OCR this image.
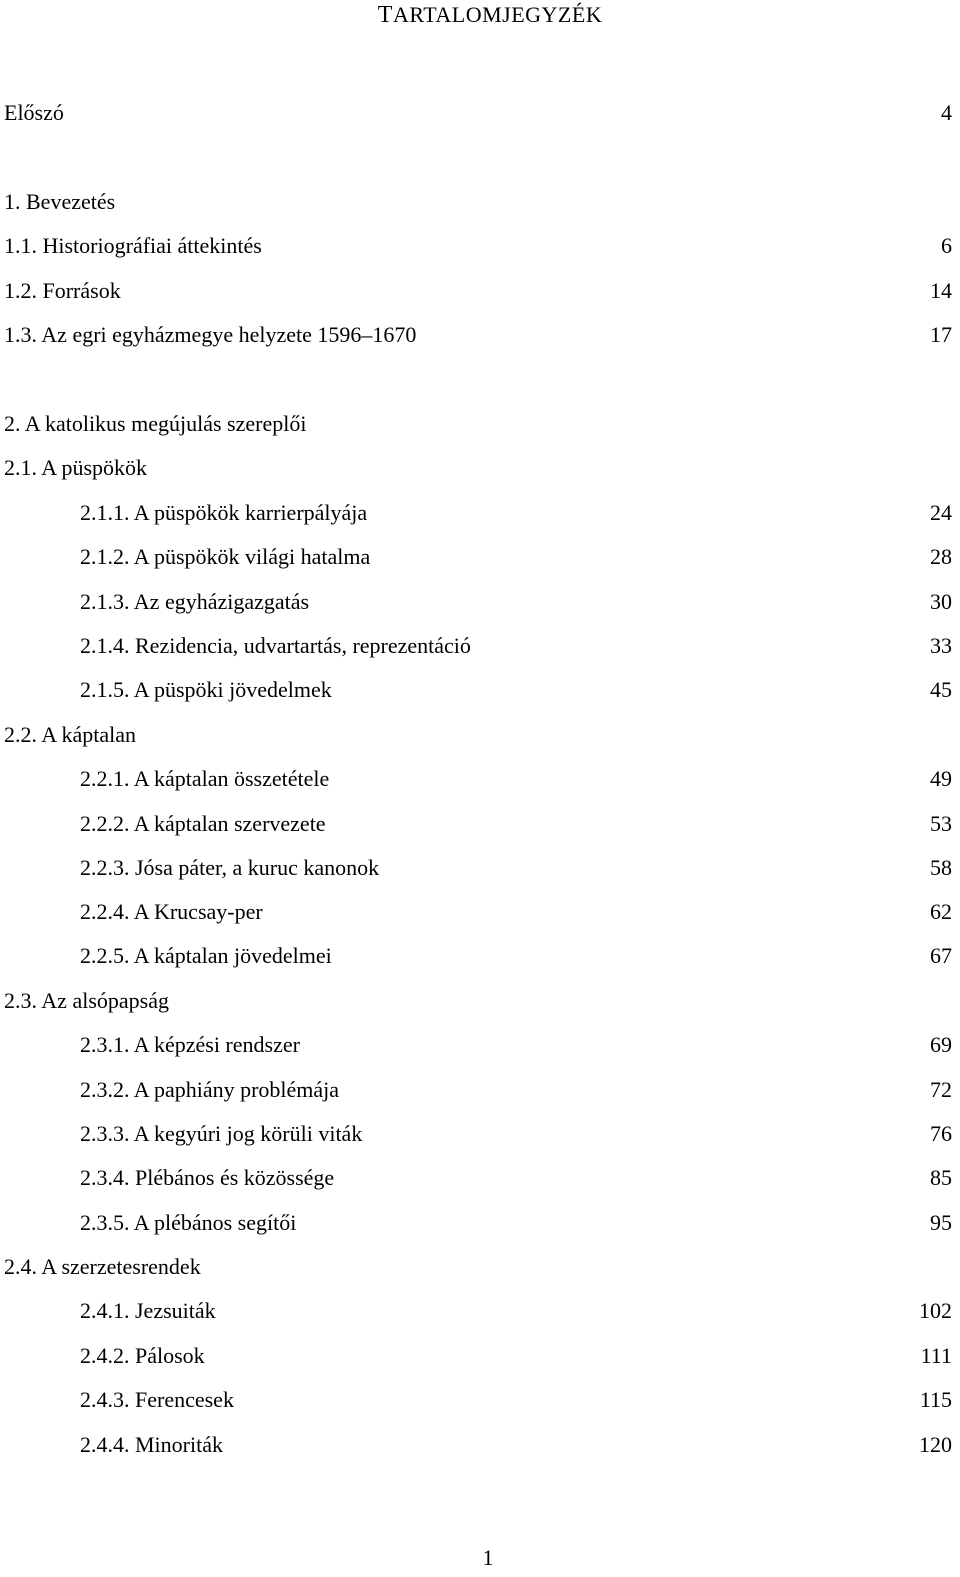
TARTALOMJEGYZÉK
Előszó	4
1. Bevezetés
1.1. Historiográfiai áttekintés	6
1.2. Források	14
1.3. Az egri egyházmegye helyzete 1596–1670	17
2. A katolikus megújulás szereplői
2.1. A püspökök
2.1.1. A püspökök karrierpályája	24
2.1.2. A püspökök világi hatalma	28
2.1.3. Az egyházigazgatás	30
2.1.4. Rezidencia, udvartartás, reprezentáció	33
2.1.5. A püspöki jövedelmek	45
2.2. A káptalan
2.2.1. A káptalan összetétele	49
2.2.2. A káptalan szervezete	53
2.2.3. Jósa páter, a kuruc kanonok	58
2.2.4. A Krucsay-per	62
2.2.5. A káptalan jövedelmei	67
2.3. Az alsópapság
2.3.1. A képzési rendszer	69
2.3.2. A paphiány problémája	72
2.3.3. A kegyúri jog körüli viták	76
2.3.4. Plébános és közössége	85
2.3.5. A plébános segítői	95
2.4. A szerzetesrendek
2.4.1. Jezsuiták	102
2.4.2. Pálosok	111
2.4.3. Ferencesek	115
2.4.4. Minoriták	120
1
